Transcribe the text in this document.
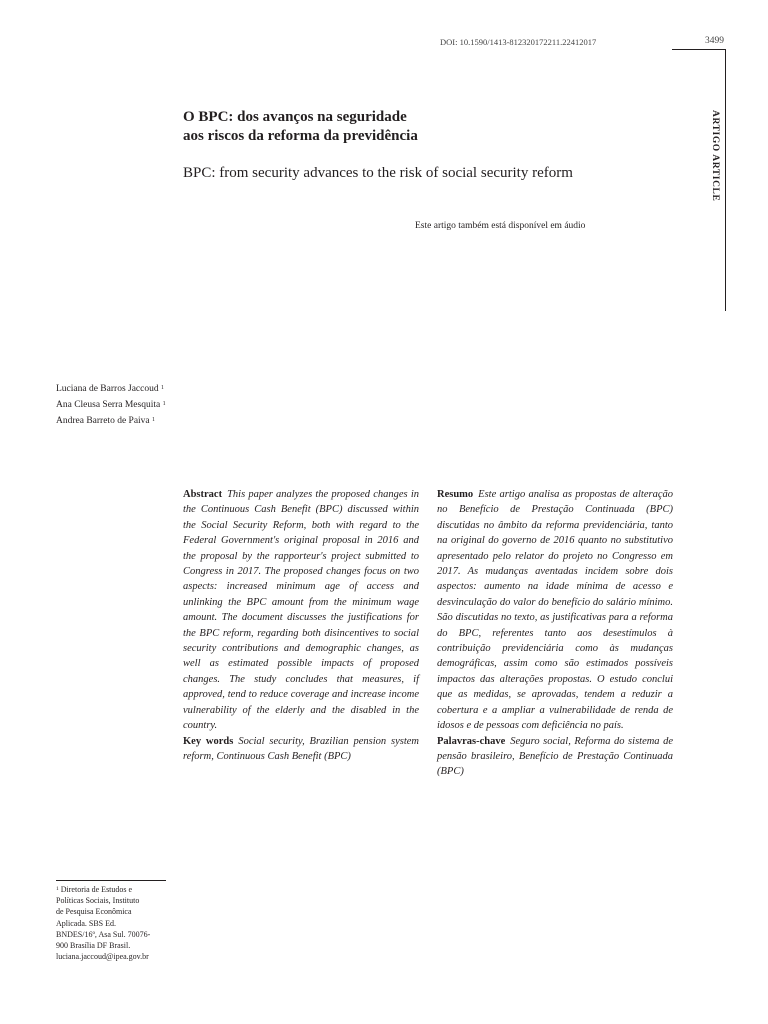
DOI: 10.1590/1413-812320172211.22412017	3499
ARTIGO ARTICLE
O BPC: dos avanços na seguridade
aos riscos da reforma da previdência
BPC: from security advances to the risk of social security reform
Este artigo também está disponível em áudio
Luciana de Barros Jaccoud $^1$
Ana Cleusa Serra Mesquita $^1$
Andrea Barreto de Paiva $^1$

Abstract This paper analyzes the proposed changes in the Continuous Cash Benefit (BPC) discussed within the Social Security Reform, both with regard to the Federal Government's original proposal in 2016 and the proposal by the rapporteur's project submitted to Congress in 2017. The proposed changes focus on two aspects: increased minimum age of access and unlinking the BPC amount from the minimum wage amount. The document discusses the justifications for the BPC reform, regarding both disincentives to social security contributions and demographic changes, as well as estimated possible impacts of proposed changes. The study concludes that measures, if approved, tend to reduce coverage and increase income vulnerability of the elderly and the disabled in the country.

Key words Social security, Brazilian pension system reform, Continuous Cash Benefit (BPC)

Resumo Este artigo analisa as propostas de alteração no Benefício de Prestação Continuada (BPC) discutidas no âmbito da reforma previdenciária, tanto na original do governo de 2016 quanto no substitutivo apresentado pelo relator do projeto no Congresso em 2017. As mudanças aventadas incidem sobre dois aspectos: aumento na idade mínima de acesso e desvinculação do valor do benefício do salário mínimo. São discutidas no texto, as justificativas para a reforma do BPC, referentes tanto aos desestímulos à contribuição previdenciária como às mudanças demográficas, assim como são estimados possíveis impactos das alterações propostas. O estudo conclui que as medidas, se aprovadas, tendem a reduzir a cobertura e a ampliar a vulnerabilidade de renda de idosos e de pessoas com deficiência no país.

Palavras-chave Seguro social, Reforma do sistema de pensão brasileiro, Benefício de Prestação Continuada (BPC)

$^1$ Diretoria de Estudos e
Políticas Sociais, Instituto
de Pesquisa Econômica
Aplicada. SBS Ed.
BNDES/16º, Asa Sul. 70076-
900 Brasília DF Brasil.
luciana.jaccoud@ipea.gov.br
